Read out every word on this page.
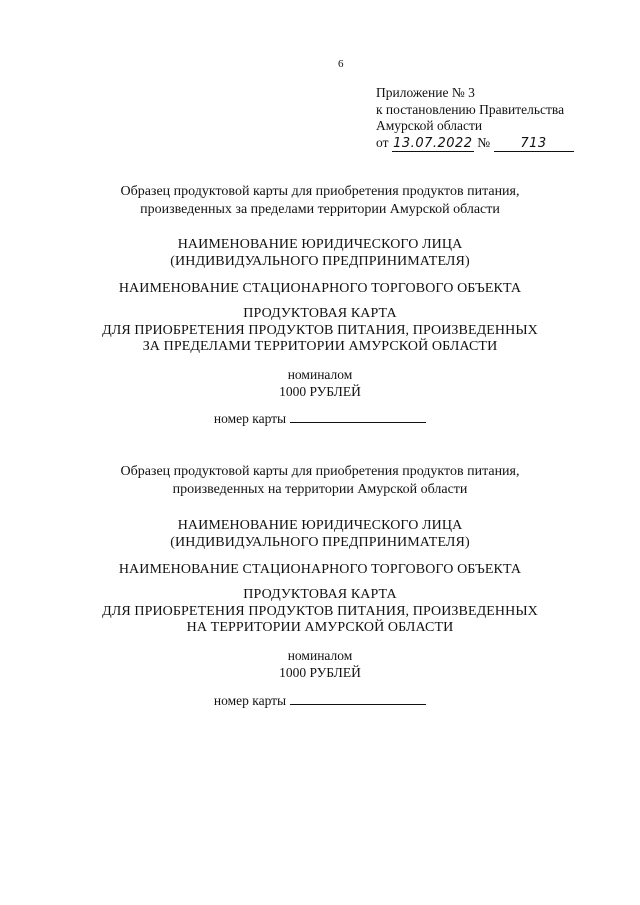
6
Приложение № 3
к постановлению Правительства
Амурской области
от 13.07.2022 № 713
Образец продуктовой карты для приобретения продуктов питания,
произведенных за пределами территории Амурской области
НАИМЕНОВАНИЕ ЮРИДИЧЕСКОГО ЛИЦА
(ИНДИВИДУАЛЬНОГО ПРЕДПРИНИМАТЕЛЯ)
НАИМЕНОВАНИЕ СТАЦИОНАРНОГО ТОРГОВОГО ОБЪЕКТА
ПРОДУКТОВАЯ КАРТА
ДЛЯ ПРИОБРЕТЕНИЯ ПРОДУКТОВ ПИТАНИЯ, ПРОИЗВЕДЕННЫХ
ЗА ПРЕДЕЛАМИ ТЕРРИТОРИИ АМУРСКОЙ ОБЛАСТИ
номиналом
1000 РУБЛЕЙ
номер карты
Образец продуктовой карты для приобретения продуктов питания,
произведенных на территории Амурской области
НАИМЕНОВАНИЕ ЮРИДИЧЕСКОГО ЛИЦА
(ИНДИВИДУАЛЬНОГО ПРЕДПРИНИМАТЕЛЯ)
НАИМЕНОВАНИЕ СТАЦИОНАРНОГО ТОРГОВОГО ОБЪЕКТА
ПРОДУКТОВАЯ КАРТА
ДЛЯ ПРИОБРЕТЕНИЯ ПРОДУКТОВ ПИТАНИЯ, ПРОИЗВЕДЕННЫХ
НА ТЕРРИТОРИИ АМУРСКОЙ ОБЛАСТИ
номиналом
1000 РУБЛЕЙ
номер карты
